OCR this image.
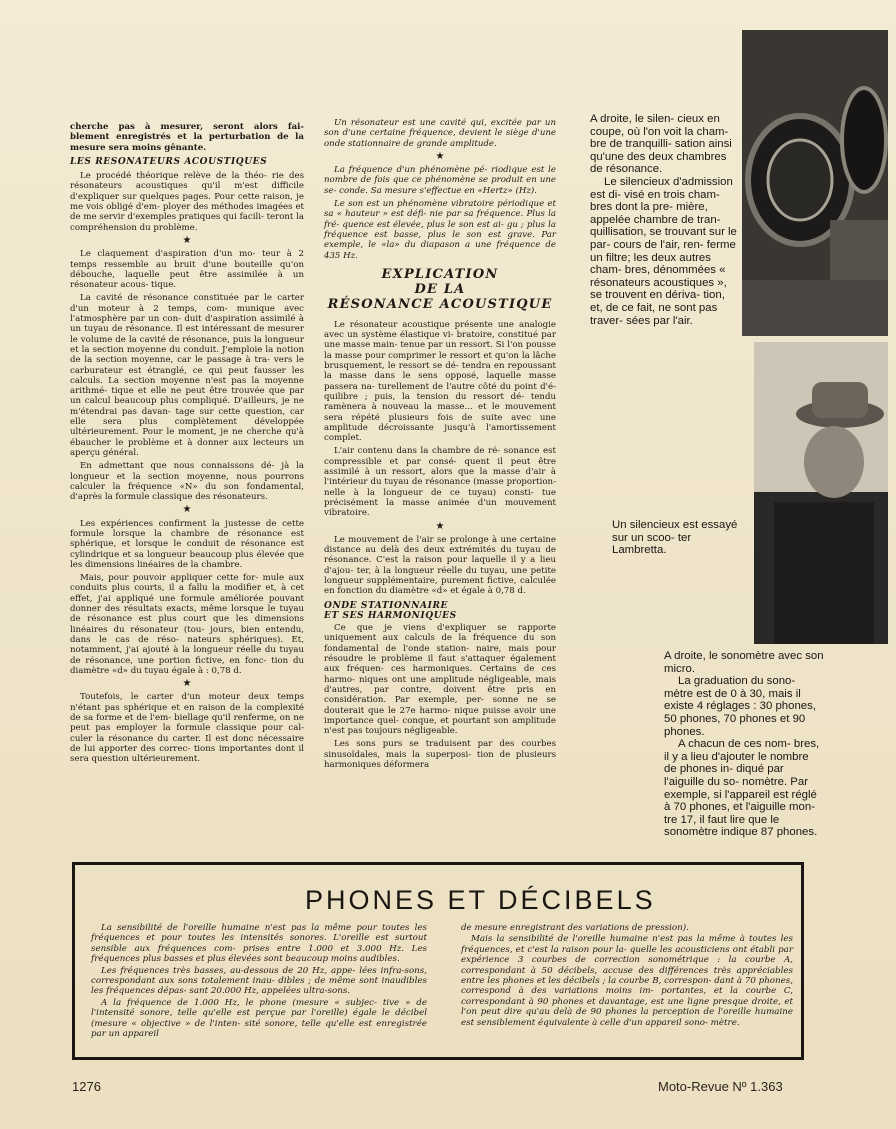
cherche pas à mesurer, seront alors fai- blement enregistrés et la perturbation de la mesure sera moins gênante.

LES RESONATEURS ACOUSTIQUES

Le procédé théorique relève de la théo- rie des résonateurs acoustiques qu'il m'est difficile d'expliquer sur quelques pages. Pour cette raison, je me vois obligé d'em- ployer des méthodes imagées et de me servir d'exemples pratiques qui facili- teront la compréhension du problème.

★

Le claquement d'aspiration d'un mo- teur à 2 temps ressemble au bruit d'une bouteille qu'on débouche, laquelle peut être assimilée à un résonateur acous- tique.

La cavité de résonance constituée par le carter d'un moteur à 2 temps, com- munique avec l'atmosphère par un con- duit d'aspiration assimilé à un tuyau de résonance. Il est intéressant de mesurer le volume de la cavité de résonance, puis la longueur et la section moyenne du conduit. J'emploie la notion de la section moyenne, car le passage à tra- vers le carburateur est étranglé, ce qui peut fausser les calculs. La section moyenne n'est pas la moyenne arithmé- tique et elle ne peut être trouvée que par un calcul beaucoup plus compliqué. D'ailleurs, je ne m'étendrai pas davan- tage sur cette question, car elle sera plus complètement développée ultérieurement. Pour le moment, je ne cherche qu'à ébaucher le problème et à donner aux lecteurs un aperçu général.

En admettant que nous connaissons dé- jà la longueur et la section moyenne, nous pourrons calculer la fréquence «N» du son fondamental, d'après la formule classique des résonateurs.

★

Les expériences confirment la justesse de cette formule lorsque la chambre de résonance est sphérique, et lorsque le conduit de résonance est cylindrique et sa longueur beaucoup plus élevée que les dimensions linéaires de la chambre.

Mais, pour pouvoir appliquer cette for- mule aux conduits plus courts, il a fallu la modifier et, à cet effet, j'ai appliqué une formule améliorée pouvant donner des résultats exacts, même lorsque le tuyau de résonance est plus court que les dimensions linéaires du résonateur (tou- jours, bien entendu, dans le cas de réso- nateurs sphériques). Et, notamment, j'ai ajouté à la longueur réelle du tuyau de résonance, une portion fictive, en fonc- tion du diamètre «d» du tuyau égale à : 0,78 d.

★

Toutefois, le carter d'un moteur deux temps n'étant pas sphérique et en raison de la complexité de sa forme et de l'em- biellage qu'il renferme, on ne peut pas employer la formule classique pour cal- culer la résonance du carter. Il est donc nécessaire de lui apporter des correc- tions importantes dont il sera question ultérieurement.

Un résonateur est une cavité qui, excitée par un son d'une certaine fréquence, devient le siège d'une onde stationnaire de grande amplitude.

★

La fréquence d'un phénomène pé- riodique est le nombre de fois que ce phénomène se produit en une se- conde. Sa mesure s'effectue en «Hertz» (Hz).

Le son est un phénomène vibratoire périodique et sa « hauteur » est défi- nie par sa fréquence. Plus la fré- quence est élevée, plus le son est ai- gu ; plus la fréquence est basse, plus le son est grave. Par exemple, le «la» du diapason a une fréquence de 435 Hz.

EXPLICATION
DE LA
RÉSONANCE ACOUSTIQUE

Le résonateur acoustique présente une analogie avec un système élastique vi- bratoire, constitué par une masse main- tenue par un ressort. Si l'on pousse la masse pour comprimer le ressort et qu'on la lâche brusquement, le ressort se dé- tendra en repoussant la masse dans le sens opposé, laquelle masse passera na- turellement de l'autre côté du point d'é- quilibre ; puis, la tension du ressort dé- tendu ramènera à nouveau la masse... et le mouvement sera répété plusieurs fois de suite avec une amplitude décroissante jusqu'à l'amortissement complet.

L'air contenu dans la chambre de ré- sonance est compressible et par consé- quent il peut être assimilé à un ressort, alors que la masse d'air à l'intérieur du tuyau de résonance (masse proportion- nelle à la longueur de ce tuyau) consti- tue précisément la masse animée d'un mouvement vibratoire.

★

Le mouvement de l'air se prolonge à une certaine distance au delà des deux extrémités du tuyau de résonance. C'est la raison pour laquelle il y a lieu d'ajou- ter, à la longueur réelle du tuyau, une petite longueur supplémentaire, purement fictive, calculée en fonction du diamètre «d» et égale à 0,78 d.

ONDE STATIONNAIRE
ET SES HARMONIQUES

Ce que je viens d'expliquer se rapporte uniquement aux calculs de la fréquence du son fondamental de l'onde station- naire, mais pour résoudre le problème il faut s'attaquer également aux fréquen- ces harmoniques. Certains de ces harmo- niques ont une amplitude négligeable, mais d'autres, par contre, doivent être pris en considération. Par exemple, per- sonne ne se douterait que le 27e harmo- nique puisse avoir une importance quel- conque, et pourtant son amplitude n'est pas toujours négligeable.

Les sons purs se traduisent par des courbes sinusoïdales, mais la superposi- tion de plusieurs harmoniques déformera

A droite, le silen- cieux en coupe, où l'on voit la cham- bre de tranquilli- sation ainsi qu'une des deux chambres de résonance.
Le silencieux d'admission est di- visé en trois cham- bres dont la pre- mière, appelée chambre de tran- quillisation, se trouvant sur le par- cours de l'air, ren- ferme un filtre; les deux autres cham- bres, dénommées « résonateurs acoustiques », se trouvent en dériva- tion, et, de ce fait, ne sont pas traver- sées par l'air.
Un silencieux est essayé sur un scoo- ter Lambretta.
A droite, le sonomètre avec son micro.
La graduation du sono- mètre est de 0 à 30, mais il existe 4 réglages : 30 phones, 50 phones, 70 phones et 90 phones.
A chacun de ces nom- bres, il y a lieu d'ajouter le nombre de phones in- diqué par l'aiguille du so- nomètre. Par exemple, si l'appareil est réglé à 70 phones, et l'aiguille mon- tre 17, il faut lire que le sonomètre indique 87 phones.
PHONES ET DÉCIBELS

La sensibilité de l'oreille humaine n'est pas la même pour toutes les fréquences et pour toutes les intensités sonores. L'oreille est surtout sensible aux fréquences com- prises entre 1.000 et 3.000 Hz. Les fréquences plus basses et plus élevées sont beaucoup moins audibles.

Les fréquences très basses, au-dessous de 20 Hz, appe- lées infra-sons, correspondant aux sons totalement inau- dibles ; de même sont inaudibles les fréquences dépas- sant 20.000 Hz, appelées ultra-sons.

A la fréquence de 1.000 Hz, le phone (mesure « subjec- tive » de l'intensité sonore, telle qu'elle est perçue par l'oreille) égale le décibel (mesure « objective » de l'inten- sité sonore, telle qu'elle est enregistrée par un appareil

de mesure enregistrant des variations de pression).

Mais la sensibilité de l'oreille humaine n'est pas la même à toutes les fréquences, et c'est la raison pour la- quelle les acousticiens ont établi par expérience 3 courbes de correction sonométrique : la courbe A, correspondant à 50 décibels, accuse des différences très appréciables entre les phones et les décibels ; la courbe B, correspon- dant à 70 phones, correspond à des variations moins im- portantes, et la courbe C, correspondant à 90 phones et davantage, est une ligne presque droite, et l'on peut dire qu'au delà de 90 phones la perception de l'oreille humaine est sensiblement équivalente à celle d'un appareil sono- mètre.

1276	Moto-Revue Nº 1.363
